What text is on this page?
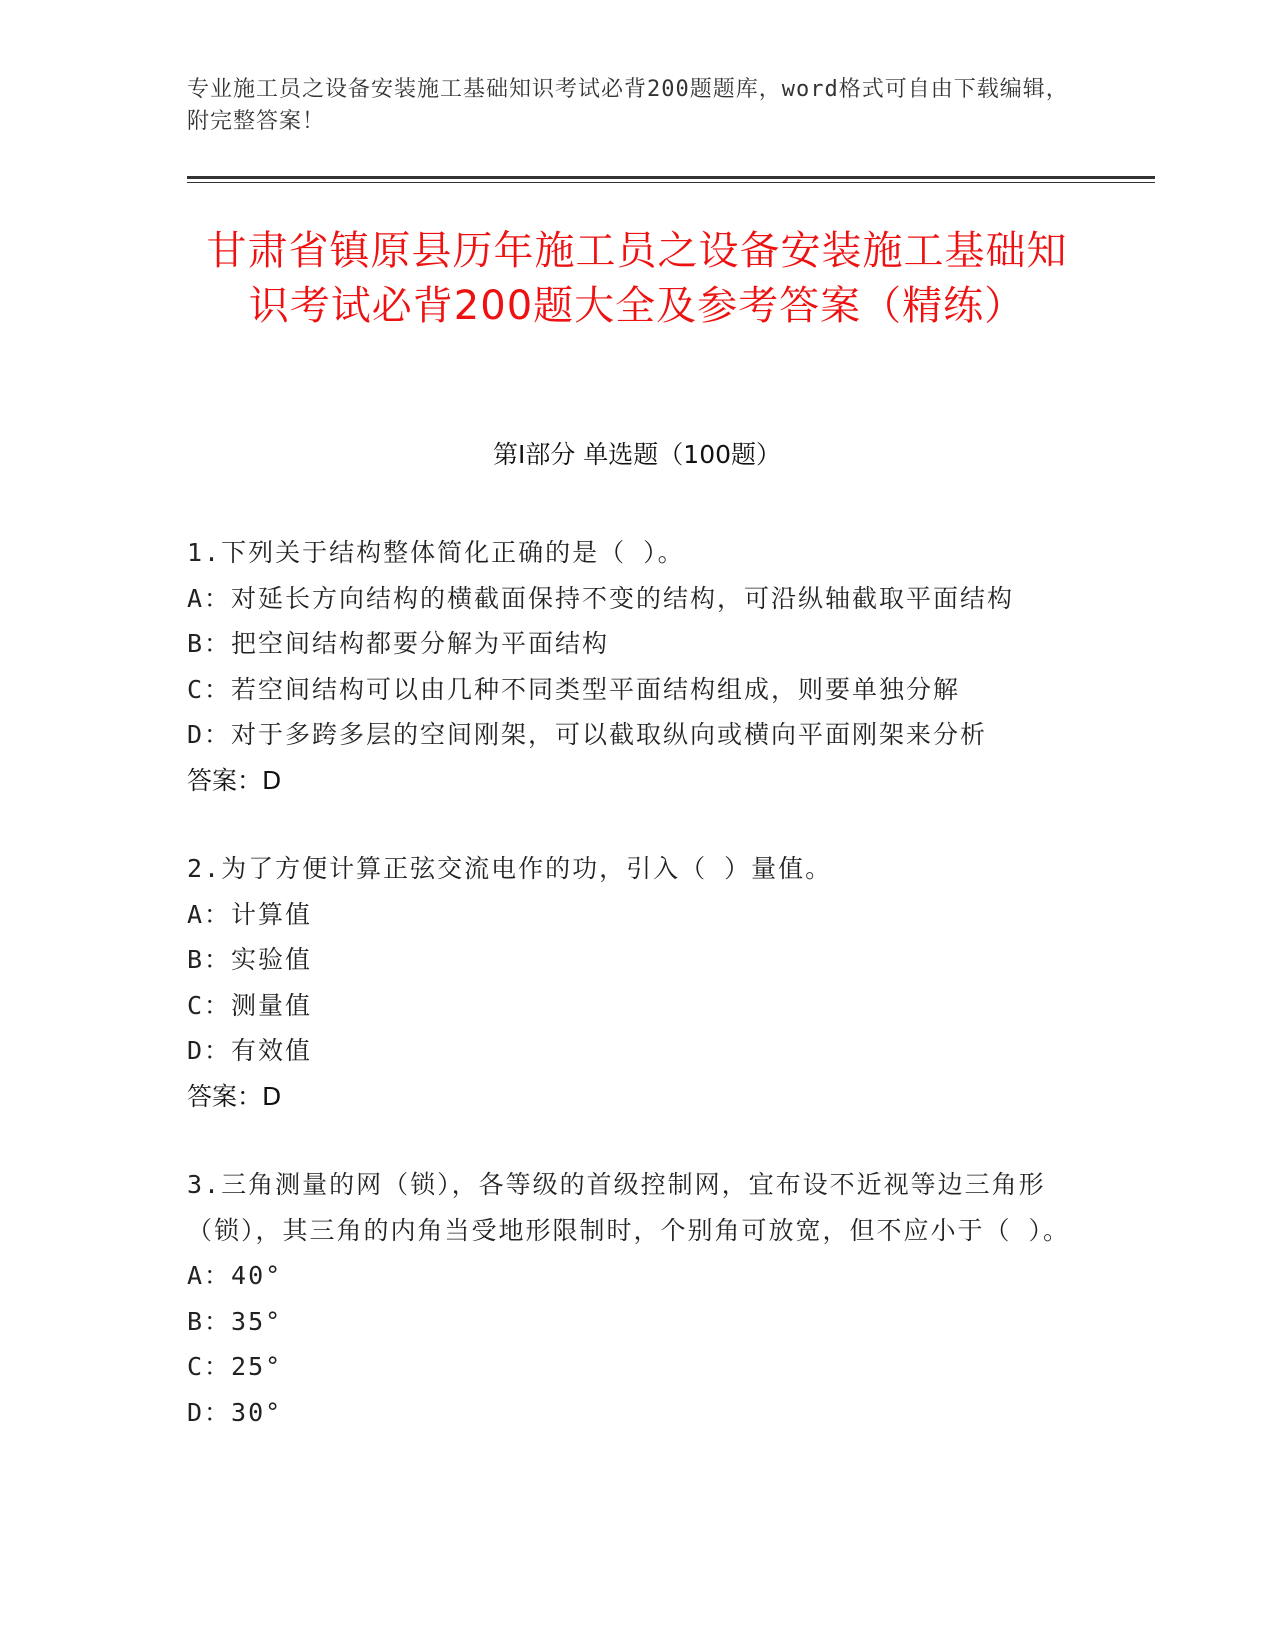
专业施工员之设备安装施工基础知识考试必背200题题库，word格式可自由下载编辑，附完整答案！
甘肃省镇原县历年施工员之设备安装施工基础知识考试必背200题大全及参考答案（精练）
第Ⅰ部分 单选题（100题）
1.下列关于结构整体简化正确的是（ ）。
A：对延长方向结构的横截面保持不变的结构，可沿纵轴截取平面结构
B：把空间结构都要分解为平面结构
C：若空间结构可以由几种不同类型平面结构组成，则要单独分解
D：对于多跨多层的空间刚架，可以截取纵向或横向平面刚架来分析
答案：D
2.为了方便计算正弦交流电作的功，引入（ ）量值。
A：计算值
B：实验值
C：测量值
D：有效值
答案：D
3.三角测量的网（锁），各等级的首级控制网，宜布设不近视等边三角形（锁），其三角的内角当受地形限制时，个别角可放宽，但不应小于（ ）。
A：40°
B：35°
C：25°
D：30°
